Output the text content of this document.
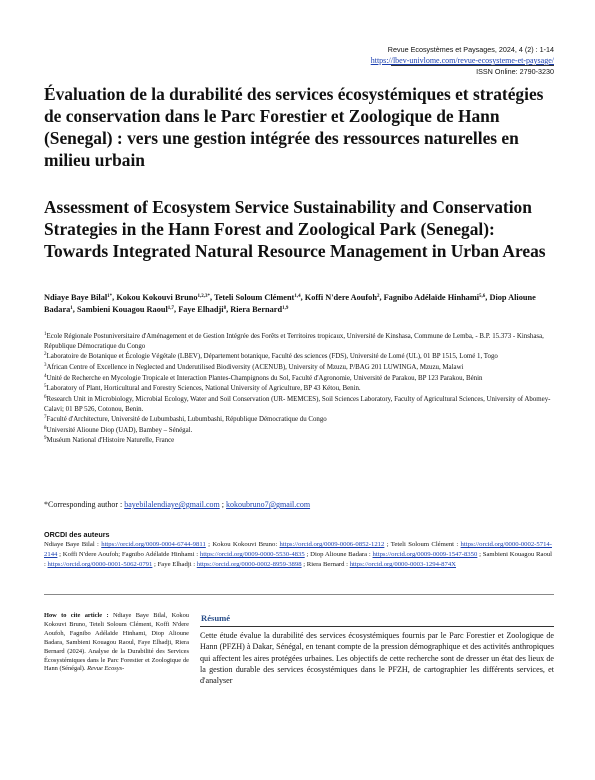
Revue Ecosystèmes et Paysages, 2024, 4 (2) : 1-14
https://lbev-univlome.com/revue-ecosysteme-et-paysage/
ISSN Online: 2790-3230
Évaluation de la durabilité des services écosystémiques et stratégies de conservation dans le Parc Forestier et Zoologique de Hann (Senegal) : vers une gestion intégrée des ressources naturelles en milieu urbain
Assessment of Ecosystem Service Sustainability and Conservation Strategies in the Hann Forest and Zoological Park (Senegal): Towards Integrated Natural Resource Management in Urban Areas
Ndiaye Baye Bilal$^{1*}$, Kokou Kokouvi Bruno$^{1,2,3*}$, Teteli Soloum Clément$^{1,4}$, Koffi N'dere Aoufoh$^2$, Fagnibo Adélaïde Hinhami$^{5,6}$, Diop Alioune Badara$^1$, Sambieni Kouagou Raoul$^{1,7}$, Faye Elhadji$^8$, Riera Bernard$^{1,9}$

$^1$Ecole Régionale Postuniversitaire d'Aménagement et de Gestion Intégrée des Forêts et Territoires tropicaux, Université de Kinshasa, Commune de Lemba, - B.P. 15.373 - Kinshasa, République Démocratique du Congo

$^2$Laboratoire de Botanique et Écologie Végétale (LBEV), Département botanique, Faculté des sciences (FDS), Université de Lomé (UL), 01 BP 1515, Lomé 1, Togo

$^3$African Centre of Excellence in Neglected and Underutilised Biodiversity (ACENUB), University of Mzuzu, P/BAG 201 LUWINGA, Mzuzu, Malawi

$^4$Unité de Recherche en Mycologie Tropicale et Interaction Plantes-Champignons du Sol, Faculté d'Agronomie, Université de Parakou, BP 123 Parakou, Bénin

$^5$Laboratory of Plant, Horticultural and Forestry Sciences, National University of Agriculture, BP 43 Kétou, Benin.

$^6$Research Unit in Microbiology, Microbial Ecology, Water and Soil Conservation (UR- MEMCES), Soil Sciences Laboratory, Faculty of Agricultural Sciences, University of Abomey-Calavi; 01 BP 526, Cotonou, Benin.

$^7$Faculté d'Architecture, Université de Lubumbashi, Lubumbashi, République Démocratique du Congo

$^8$Université Alioune Diop (UAD), Bambey – Sénégal.

$^9$Muséum National d'Histoire Naturelle, France

*Corresponding author : bayebilalendiaye@gmail.com ; kokoubruno7@gmail.com
ORCDI des auteurs
Ndiaye Baye Bilal : https://orcid.org/0009-0004-6744-9811 ; Kokou Kokouvi Bruno: https://orcid.org/0009-0006-0852-1212 ; Teteli Soloum Clément : https://orcid.org/0000-0002-5714-2144 ; Koffi N'dere Aoufoh; Fagnibo Adélaïde Hinhami : https://orcid.org/0009-0000-5530-4835 ; Diop Alioune Badara : https://orcid.org/0009-0009-1547-8350 ; Sambieni Kouagou Raoul : https://orcid.org/0000-0001-5062-0791 ; Faye Elhadji : https://orcid.org/0000-0002-8959-3898 ; Riera Bernard : https://orcid.org/0000-0003-1294-874X
How to cite article : Ndiaye Baye Bilal, Kokou Kokouvi Bruno, Teteli Soloum Clément, Koffi N'dere Aoufoh, Fagnibo Adélaïde Hinhami, Diop Alioune Badara, Sambieni Kouagou Raoul, Faye Elhadji, Riera Bernard (2024). Analyse de la Durabilité des Services Écosystémiques dans le Parc Forestier et Zoologique de Hann (Sénégal). Revue Ecosys-
Résumé
Cette étude évalue la durabilité des services écosystémiques fournis par le Parc Forestier et Zoologique de Hann (PFZH) à Dakar, Sénégal, en tenant compte de la pression démographique et des activités anthropiques qui affectent les aires protégées urbaines. Les objectifs de cette recherche sont de dresser un état des lieux de la gestion durable des services écosystémiques dans le PFZH, de cartographier les différents services, et d'analyser
